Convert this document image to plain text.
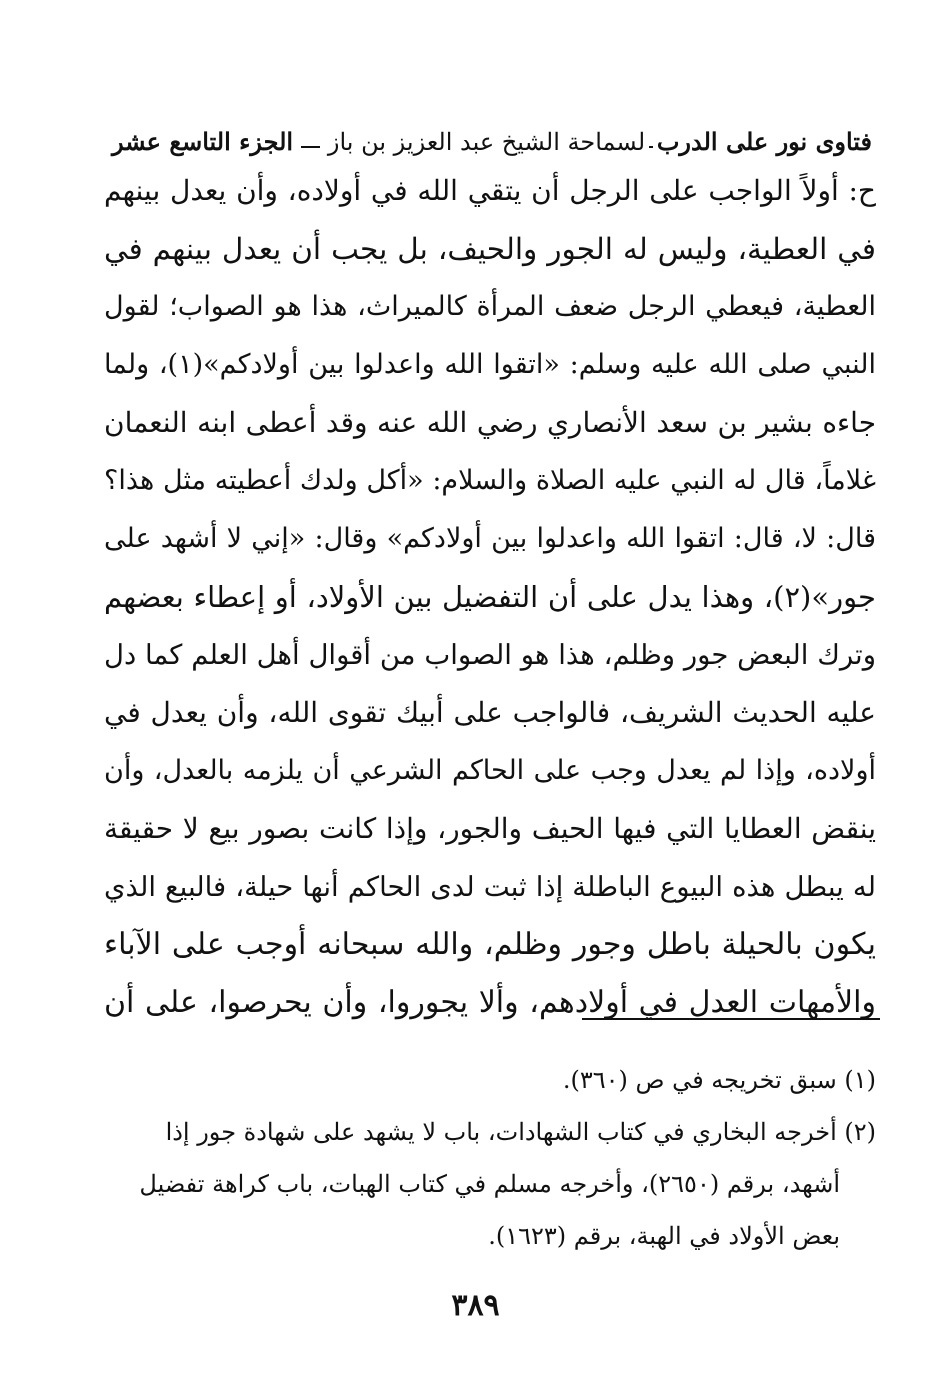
فتاوى نور على الدرب
لسماحة الشيخ عبد العزيز بن باز
الجزء التاسع عشر
ح: أولاً الواجب على الرجل أن يتقي الله في أولاده، وأن يعدل بينهم
في العطية، وليس له الجور والحيف، بل يجب أن يعدل بينهم في
العطية، فيعطي الرجل ضعف المرأة كالميراث، هذا هو الصواب؛ لقول
النبي صلى الله عليه وسلم: «اتقوا الله واعدلوا بين أولادكم»(١)، ولما
جاءه بشير بن سعد الأنصاري رضي الله عنه وقد أعطى ابنه النعمان
غلاماً، قال له النبي عليه الصلاة والسلام: «أكل ولدك أعطيته مثل هذا؟
قال: لا، قال: اتقوا الله واعدلوا بين أولادكم» وقال: «إني لا أشهد على
جور»(٢)، وهذا يدل على أن التفضيل بين الأولاد، أو إعطاء بعضهم
وترك البعض جور وظلم، هذا هو الصواب من أقوال أهل العلم كما دل
عليه الحديث الشريف، فالواجب على أبيك تقوى الله، وأن يعدل في
أولاده، وإذا لم يعدل وجب على الحاكم الشرعي أن يلزمه بالعدل، وأن
ينقض العطايا التي فيها الحيف والجور، وإذا كانت بصور بيع لا حقيقة
له يبطل هذه البيوع الباطلة إذا ثبت لدى الحاكم أنها حيلة، فالبيع الذي
يكون بالحيلة باطل وجور وظلم، والله سبحانه أوجب على الآباء
والأمهات العدل في أولادهم، وألا يجوروا، وأن يحرصوا، على أن
(١) سبق تخريجه في ص (٣٦٠).
(٢) أخرجه البخاري في كتاب الشهادات، باب لا يشهد على شهادة جور إذا
أشهد، برقم (٢٦٥٠)، وأخرجه مسلم في كتاب الهبات، باب كراهة تفضيل
بعض الأولاد في الهبة، برقم (١٦٢٣).
٣٨٩
